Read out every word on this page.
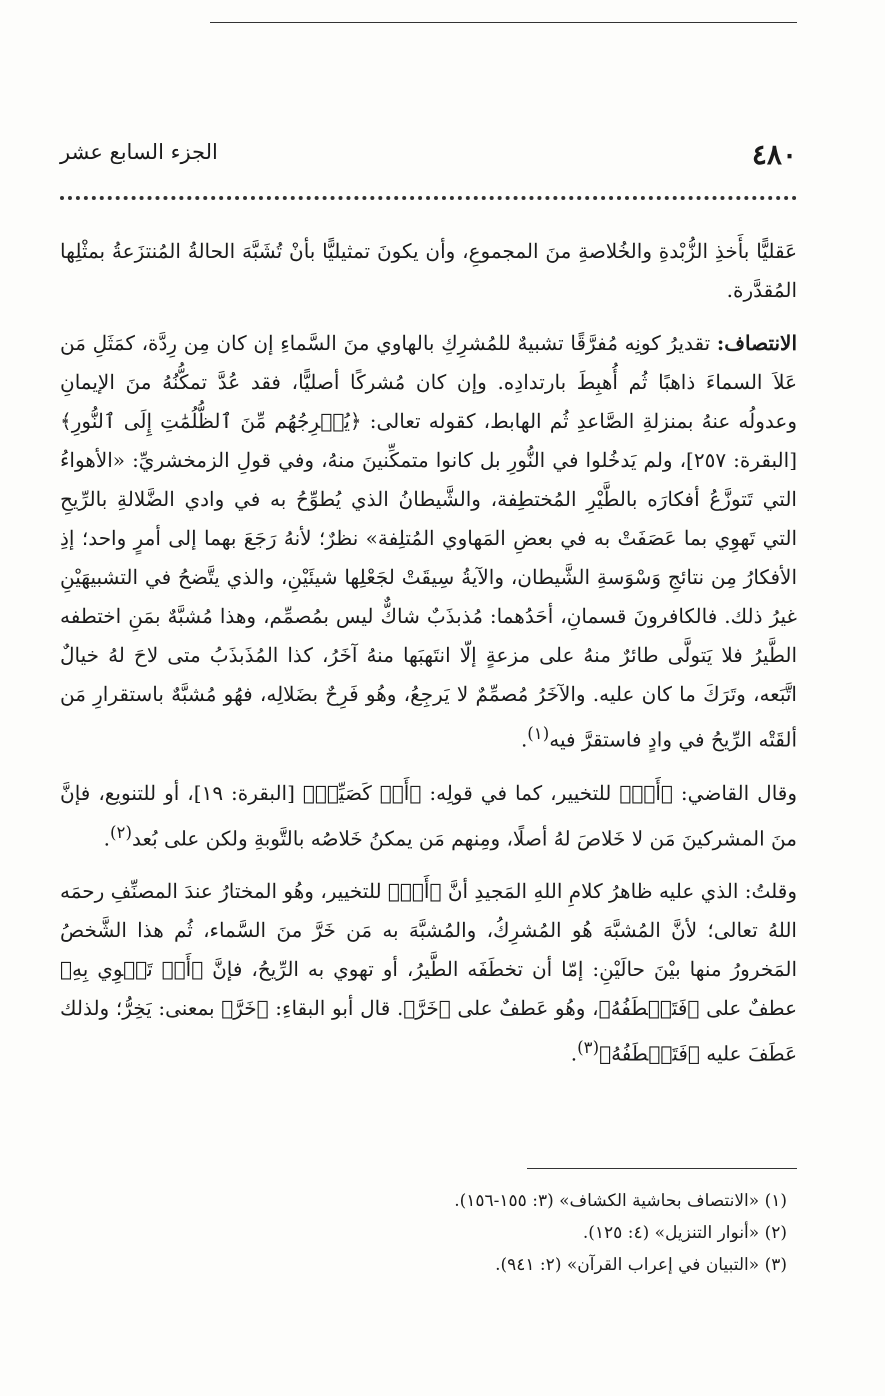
٤٨٠
الجزء السابع عشر

عَقليًّا بأَخذِ الزُّبْدةِ والخُلاصةِ منَ المجموعِ، وأن يكونَ تمثيليًّا بأنْ تُشَبَّهَ الحالةُ المُنتزَعةُ بمثْلِها المُقدَّرة.

الانتصاف: تقديرُ كونِه مُفرَّقًا تشبيهٌ للمُشرِكِ بالهاوي منَ السَّماءِ إن كان مِن رِدَّة، كمَثَلِ مَن عَلاَ السماءَ ذاهبًا ثُم أُهبِطَ بارتدادِه. وإن كان مُشركًا أصليًّا، فقد عُدَّ تمكُّنُهُ منَ الإيمانِ وعدولُه عنهُ بمنزلةِ الصَّاعدِ ثُم الهابط، كقوله تعالى: ﴿يُخۡرِجُهُم مِّنَ ٱلظُّلُمَٰتِ إِلَى ٱلنُّورِ﴾ [البقرة: ٢٥٧]، ولم يَدخُلوا في النُّورِ بل كانوا متمكِّنينَ منهُ، وفي قولِ الزمخشريِّ: «الأهواءُ التي تَتوزَّعُ أفكارَه بالطَّيْرِ المُختطِفة، والشَّيطانُ الذي يُطوِّحُ به في وادي الضَّلالةِ بالرِّيحِ التي تَهوِي بما عَصَفَتْ به في بعضِ المَهاوي المُتلِفة» نظرٌ؛ لأنهُ رَجَعَ بهما إلى أمرٍ واحد؛ إذِ الأفكارُ مِن نتائجِ وَسْوَسةِ الشَّيطان، والآيةُ سِيقَتْ لجَعْلِها شيئَيْنِ، والذي يتَّضحُ في التشبيهَيْنِ غيرُ ذلك. فالكافرونَ قسمانِ، أحَدُهما: مُذبذَبٌ شاكٌّ ليس بمُصمِّم، وهذا مُشبَّهٌ بمَنِ اختطفه الطَّيرُ فلا يَتولَّى طائرٌ منهُ على مزعةٍ إلّا انتَهبَها منهُ آخَرُ، كذا المُذَبذَبُ متى لاحَ لهُ خيالٌ اتَّبَعه، وتَرَكَ ما كان عليه. والآخَرُ مُصمِّمٌ لا يَرجِعُ، وهُو فَرِحٌ بضَلالِه، فهُو مُشبَّهٌ باستقرارِ مَن ألقَتْه الرِّيحُ في وادٍ فاستقرَّ فيه$^{(١)}$.

وقال القاضي: ﴿أَوۡ﴾ للتخيير، كما في قولِه: ﴿أَوۡ كَصَيِّبٖ﴾ [البقرة: ١٩]، أو للتنويع، فإنَّ منَ المشركينَ مَن لا خَلاصَ لهُ أصلًا، ومِنهم مَن يمكنُ خَلاصُه بالتَّوبةِ ولكن على بُعد$^{(٢)}$.

وقلتُ: الذي عليه ظاهرُ كلامِ اللهِ المَجيدِ أنَّ ﴿أَوۡ﴾ للتخيير، وهُو المختارُ عندَ المصنِّفِ رحمَه اللهُ تعالى؛ لأنَّ المُشبَّهَ هُو المُشرِكُ، والمُشبَّهَ به مَن خَرَّ منَ السَّماء، ثُم هذا الشَّخصُ المَخرورُ منها بيْنَ حالَيْنِ: إمّا أن تخطَفَه الطَّيرُ، أو تهوي به الرِّيحُ، فإنَّ ﴿أَوۡ تَهۡوِي بِهِ﴾ عطفٌ على ﴿فَتَخۡطَفُهُ﴾، وهُو عَطفٌ على ﴿خَرَّ﴾. قال أبو البقاءِ: ﴿خَرَّ﴾ بمعنى: يَخِرُّ؛ ولذلك عَطَفَ عليه ﴿فَتَخۡطَفُهُ﴾$^{(٣)}$.

(١) «الانتصاف بحاشية الكشاف» (٣: ١٥٥-١٥٦).
(٢) «أنوار التنزيل» (٤: ١٢٥).
(٣) «التبيان في إعراب القرآن» (٢: ٩٤١).
